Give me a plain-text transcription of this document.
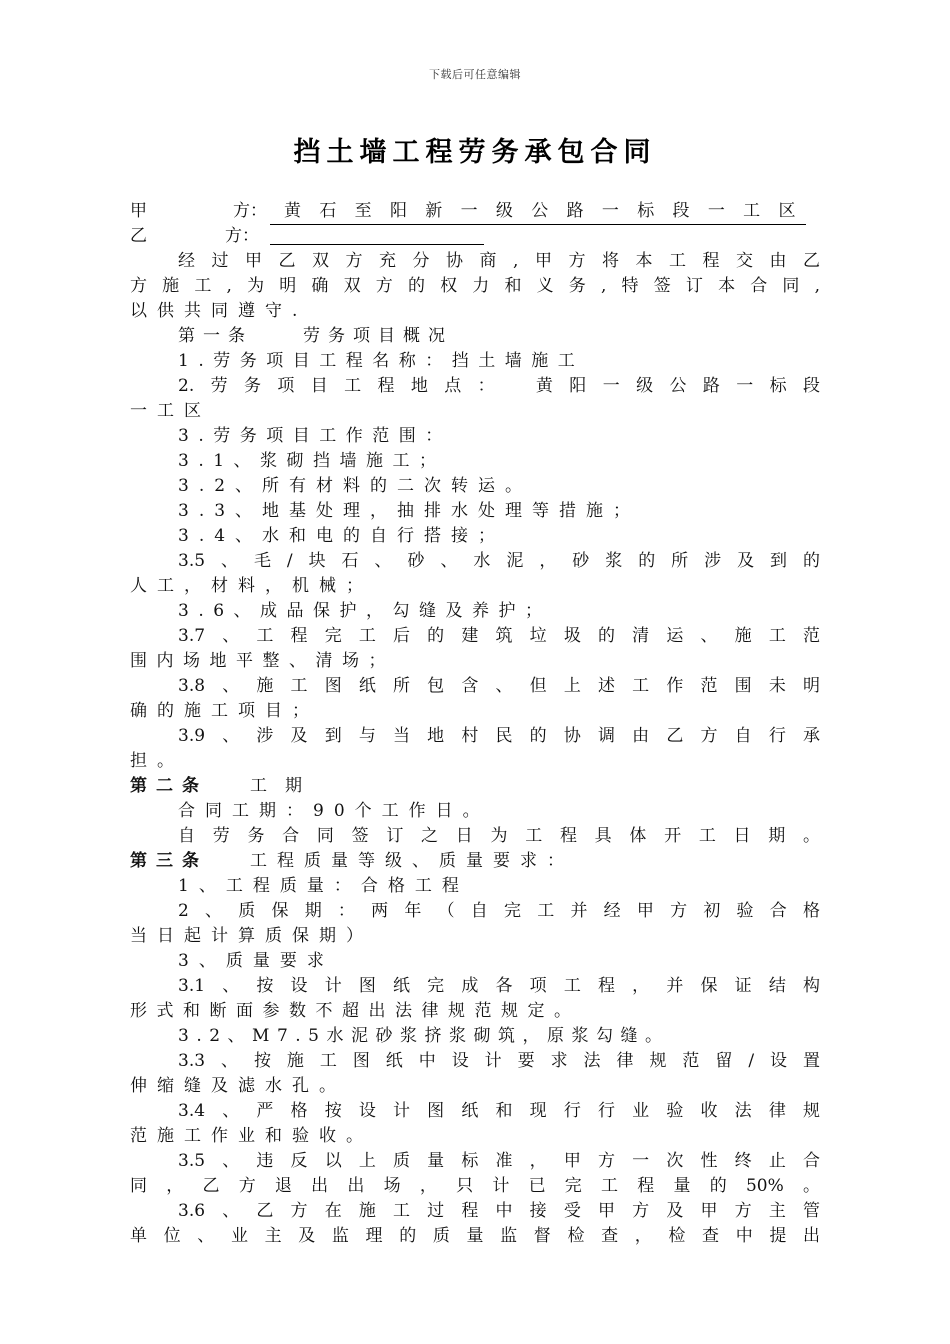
下载后可任意编辑
挡土墙工程劳务承包合同
甲方： 黄石至阳新一级公路一标段一工区
乙方：
经过甲乙双方充分协商,甲方将本工程交由乙
方施工,为明确双方的权力和义务,特签订本合同,
以供共同遵守.
第一条　　劳务项目概况
1.劳务项目工程名称：挡土墙施工
2.劳务项目工程地点：　黄阳一级公路一标段
一工区
3.劳务项目工作范围：
3.1、浆砌挡墙施工；
3.2、所有材料的二次转运。
3.3、地基处理，抽排水处理等措施；
3.4、水和电的自行搭接；
3.5、毛/块石、砂、水泥，砂浆的所涉及到的
人工，材料，机械；
3.6、成品保护，勾缝及养护；
3.7、工程完工后的建筑垃圾的清运、施工范
围内场地平整、清场；
3.8、施工图纸所包含、但上述工作范围未明
确的施工项目；
3.9、涉及到与当地村民的协调由乙方自行承
担。
第二条 工期
合同工期：90个工作日。
自劳务合同签订之日为工程具体开工日期。
第三条 工程质量等级、质量要求：
1、工程质量：合格工程
2、质保期：两年（自完工并经甲方初验合格
当日起计算质保期）
3、质量要求
3.1、按设计图纸完成各项工程，并保证结构
形式和断面参数不超出法律规范规定。
3.2、M7.5水泥砂浆挤浆砌筑，原浆勾缝。
3.3、按施工图纸中设计要求法律规范留/设置
伸缩缝及滤水孔。
3.4、严格按设计图纸和现行行业验收法律规
范施工作业和验收。
3.5、违反以上质量标准，甲方一次性终止合
同，乙方退出出场，只计已完工程量的50%。
3.6、乙方在施工过程中接受甲方及甲方主管
单位、业主及监理的质量监督检查，检查中提出
